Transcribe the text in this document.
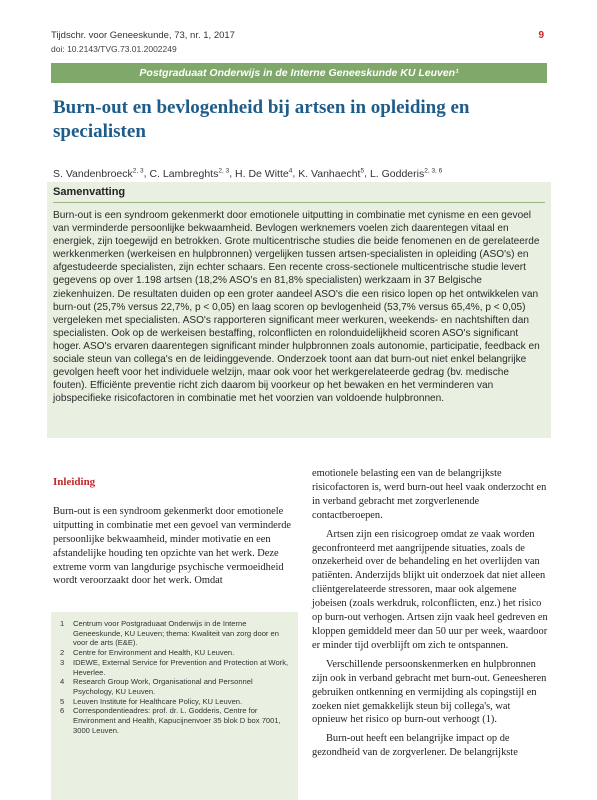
Tijdschr. voor Geneeskunde, 73, nr. 1, 2017
doi: 10.2143/TVG.73.01.2002249
9
Postgraduaat Onderwijs in de Interne Geneeskunde KU Leuven¹
Burn-out en bevlogenheid bij artsen in opleiding en specialisten
S. Vandenbroeck$^{2, 3}$, C. Lambreghts$^{2, 3}$, H. De Witte$^4$, K. Vanhaecht$^5$, L. Godderis$^{2, 3, 6}$
Samenvatting
Burn-out is een syndroom gekenmerkt door emotionele uitputting in combinatie met cynisme en een gevoel van verminderde persoonlijke bekwaamheid. Bevlogen werknemers voelen zich daarentegen vitaal en energiek, zijn toegewijd en betrokken. Grote multicentrische studies die beide fenomenen en de gerelateerde werkkenmerken (werkeisen en hulpbronnen) vergelijken tussen artsen-specialisten in opleiding (ASO's) en afgestudeerde specialisten, zijn echter schaars. Een recente cross-sectionele multicentrische studie levert gegevens op over 1.198 artsen (18,2% ASO's en 81,8% specialisten) werkzaam in 37 Belgische ziekenhuizen. De resultaten duiden op een groter aandeel ASO's die een risico lopen op het ontwikkelen van burn-out (25,7% versus 22,7%, p < 0,05) en laag scoren op bevlogenheid (53,7% versus 65,4%, p < 0,05) vergeleken met specialisten. ASO's rapporteren significant meer werkuren, weekends- en nachtshiften dan specialisten. Ook op de werkeisen bestaffing, rolconflicten en rolonduidelijkheid scoren ASO's significant hoger. ASO's ervaren daarentegen significant minder hulpbronnen zoals autonomie, participatie, feedback en sociale steun van collega's en de leidinggevende. Onderzoek toont aan dat burn-out niet enkel belangrijke gevolgen heeft voor het individuele welzijn, maar ook voor het werkgerelateerde gedrag (bv. medische fouten). Efficiënte preventie richt zich daarom bij voorkeur op het bewaken en het verminderen van jobspecifieke risicofactoren in combinatie met het voorzien van voldoende hulpbronnen.
Inleiding

Burn-out is een syndroom gekenmerkt door emotionele uitputting in combinatie met een gevoel van verminderde persoonlijke bekwaamheid, minder motivatie en een afstandelijke houding ten opzichte van het werk. Deze extreme vorm van langdurige psychische vermoeidheid wordt veroorzaakt door het werk. Omdat

emotionele belasting een van de belangrijkste risicofactoren is, werd burn-out heel vaak onderzocht en in verband gebracht met zorgverlenende contactberoepen.

Artsen zijn een risicogroep omdat ze vaak worden geconfronteerd met aangrijpende situaties, zoals de onzekerheid over de behandeling en het overlijden van patiënten. Anderzijds blijkt uit onderzoek dat niet alleen cliëntgerelateerde stressoren, maar ook algemene jobeisen (zoals werkdruk, rolconflicten, enz.) het risico op burn-out verhogen. Artsen zijn vaak heel gedreven en kloppen gemiddeld meer dan 50 uur per week, waardoor er minder tijd overblijft om zich te ontspannen.

Verschillende persoonskenmerken en hulpbronnen zijn ook in verband gebracht met burn-out. Geneesheren gebruiken ontkenning en vermijding als copingstijl en zoeken niet gemakkelijk steun bij collega's, wat opnieuw het risico op burn-out verhoogt (1).

Burn-out heeft een belangrijke impact op de gezondheid van de zorgverlener. De belangrijkste

1	Centrum voor Postgraduaat Onderwijs in de Interne Geneeskunde, KU Leuven; thema: Kwaliteit van zorg door en voor de arts (E&E).
2	Centre for Environment and Health, KU Leuven.
3	IDEWE, External Service for Prevention and Protection at Work, Heverlee.
4	Research Group Work, Organisational and Personnel Psychology, KU Leuven.
5	Leuven Institute for Healthcare Policy, KU Leuven.
6	Correspondentieadres: prof. dr. L. Godderis, Centre for Environment and Health, Kapucijnenvoer 35 blok D box 7001, 3000 Leuven.
